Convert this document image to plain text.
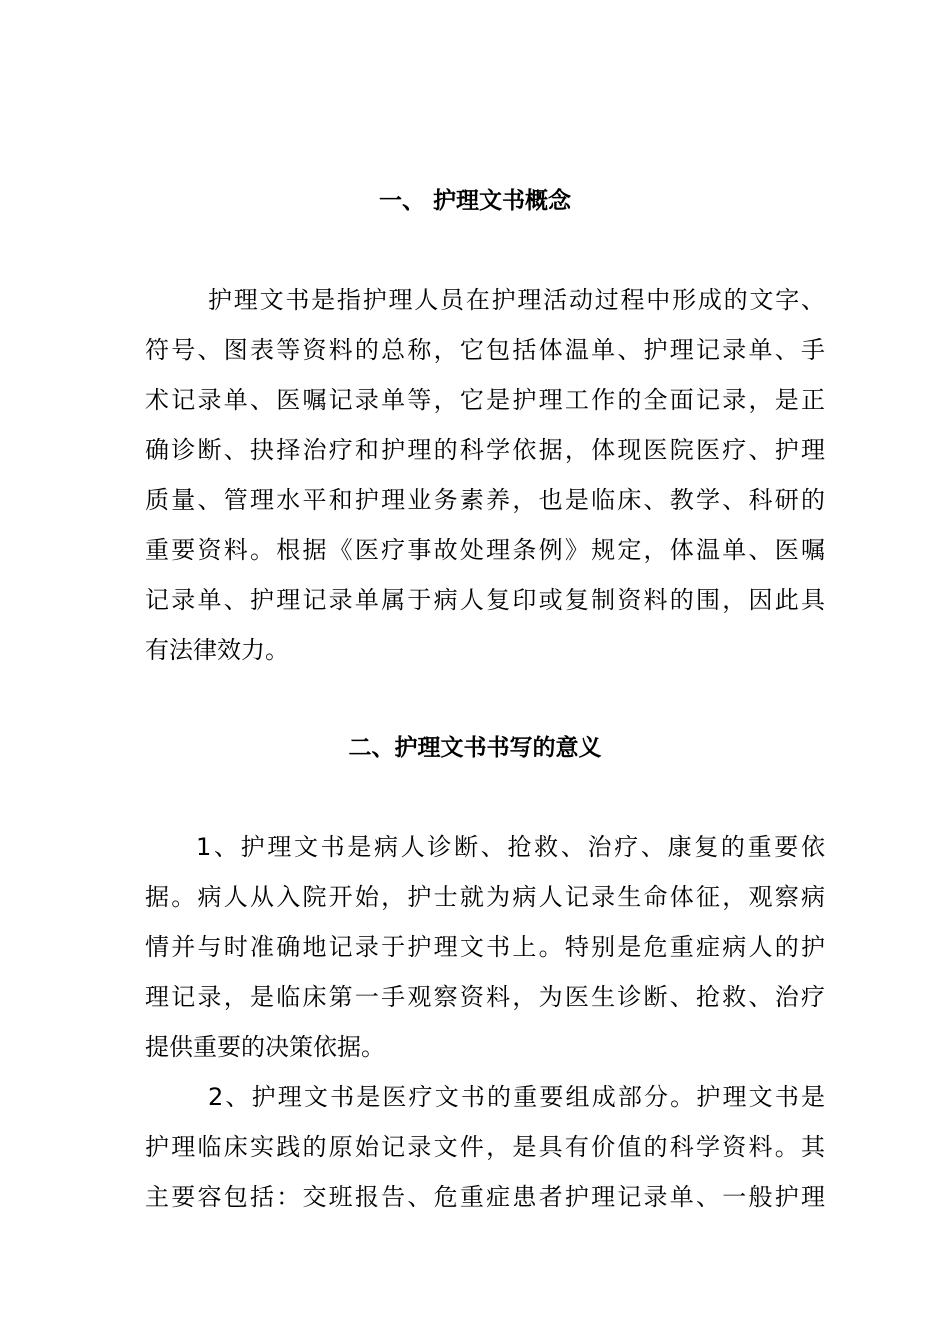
一、 护理文书概念

护理文书是指护理人员在护理活动过程中形成的文字、

符号、图表等资料的总称，它包括体温单、护理记录单、手

术记录单、医嘱记录单等，它是护理工作的全面记录，是正

确诊断、抉择治疗和护理的科学依据，体现医院医疗、护理

质量、管理水平和护理业务素养，也是临床、教学、科研的

重要资料。根据《医疗事故处理条例》规定，体温单、医嘱

记录单、护理记录单属于病人复印或复制资料的围，因此具

有法律效力。

二、护理文书书写的意义

1、护理文书是病人诊断、抢救、治疗、康复的重要依

据。病人从入院开始，护士就为病人记录生命体征，观察病

情并与时准确地记录于护理文书上。特别是危重症病人的护

理记录，是临床第一手观察资料，为医生诊断、抢救、治疗

提供重要的决策依据。

2、护理文书是医疗文书的重要组成部分。护理文书是

护理临床实践的原始记录文件，是具有价值的科学资料。其

主要容包括：交班报告、危重症患者护理记录单、一般护理
